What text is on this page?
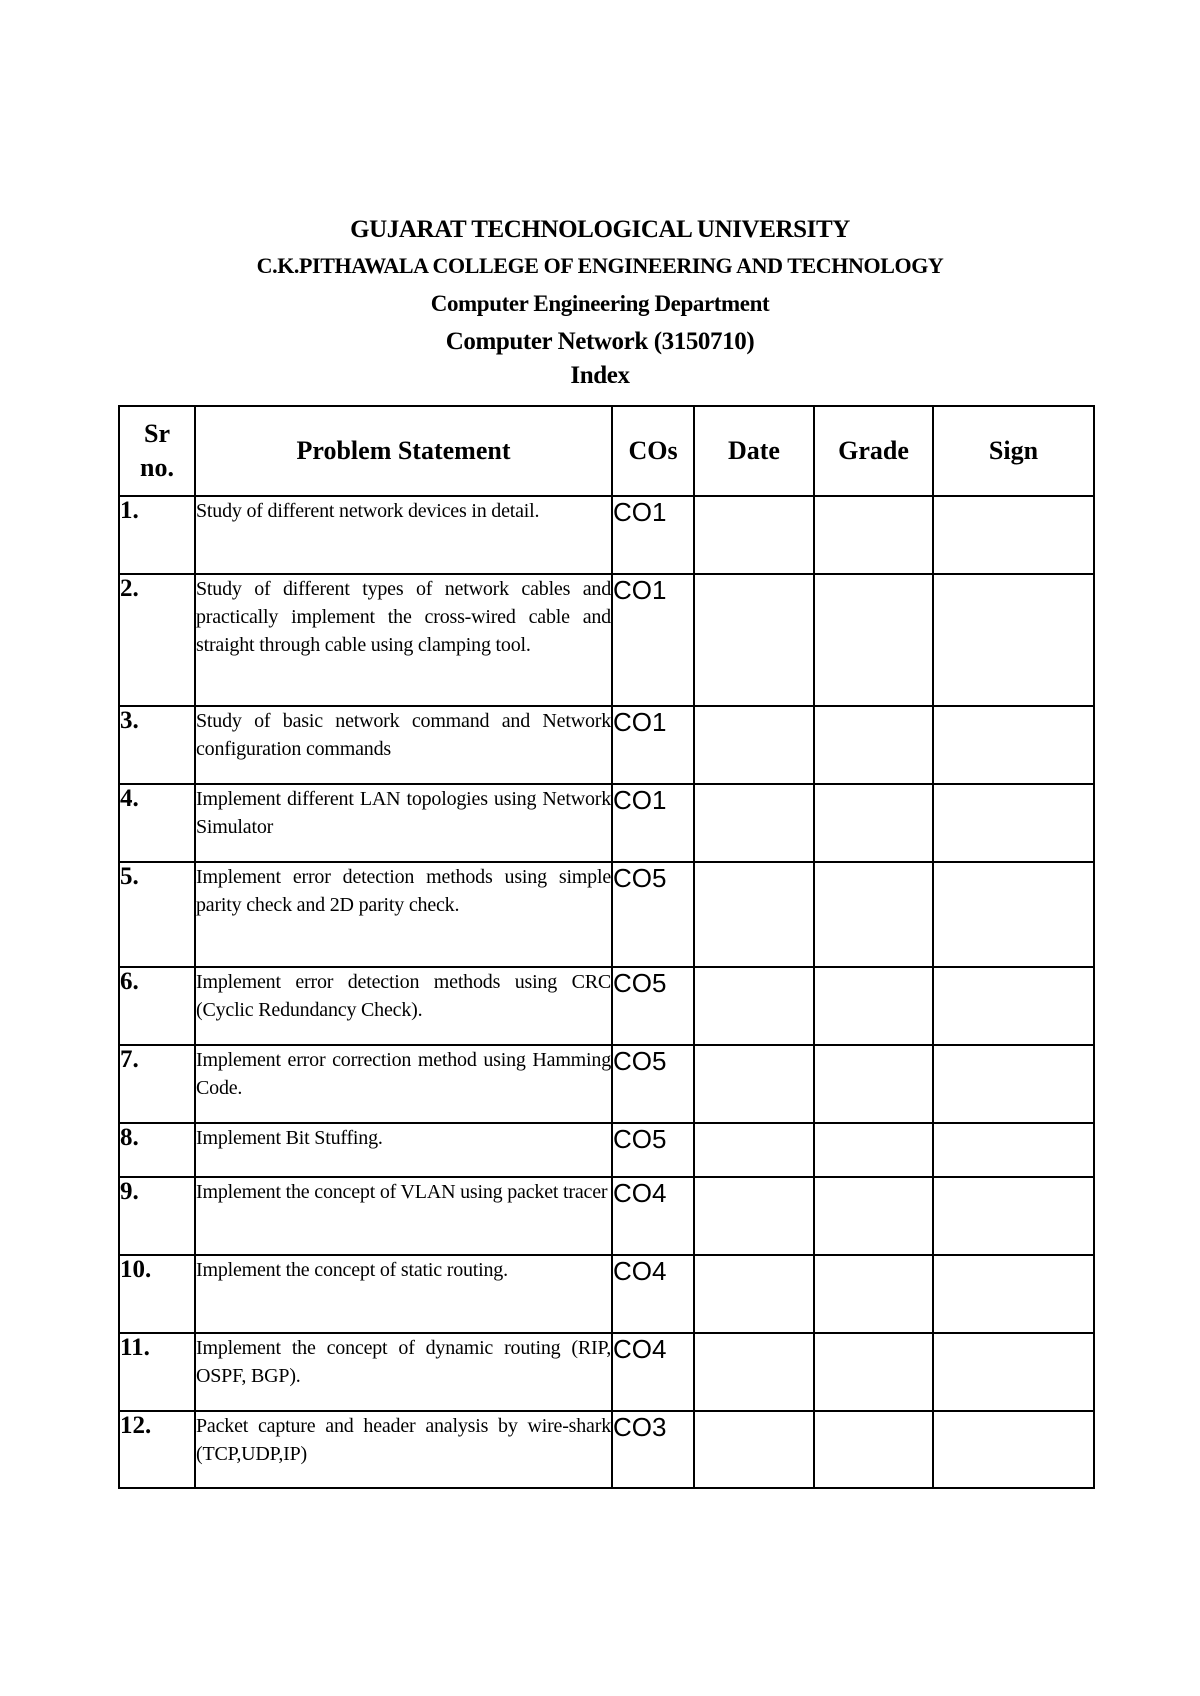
GUJARAT TECHNOLOGICAL UNIVERSITY
C.K.PITHAWALA COLLEGE OF ENGINEERING AND TECHNOLOGY
Computer Engineering Department
Computer Network (3150710)
Index
Sr
no.	Problem Statement	COs	Date	Grade	Sign
1.	Study of different network devices in detail.	CO1			
2.	Study of different types of network cables and practically implement the cross-wired cable and straight through cable using clamping tool.	CO1			
3.	Study of basic network command and Network configuration commands	CO1			
4.	Implement different LAN topologies using Network Simulator	CO1			
5.	Implement error detection methods using simple parity check and 2D parity check.	CO5			
6.	Implement error detection methods using CRC (Cyclic Redundancy Check).	CO5			
7.	Implement error correction method using Hamming Code.	CO5			
8.	Implement Bit Stuffing.	CO5			
9.	Implement the concept of VLAN using packet tracer	CO4			
10.	Implement the concept of static routing.	CO4			
11.	Implement the concept of dynamic routing (RIP, OSPF, BGP).	CO4			
12.	Packet capture and header analysis by wire-shark (TCP,UDP,IP)	CO3			
